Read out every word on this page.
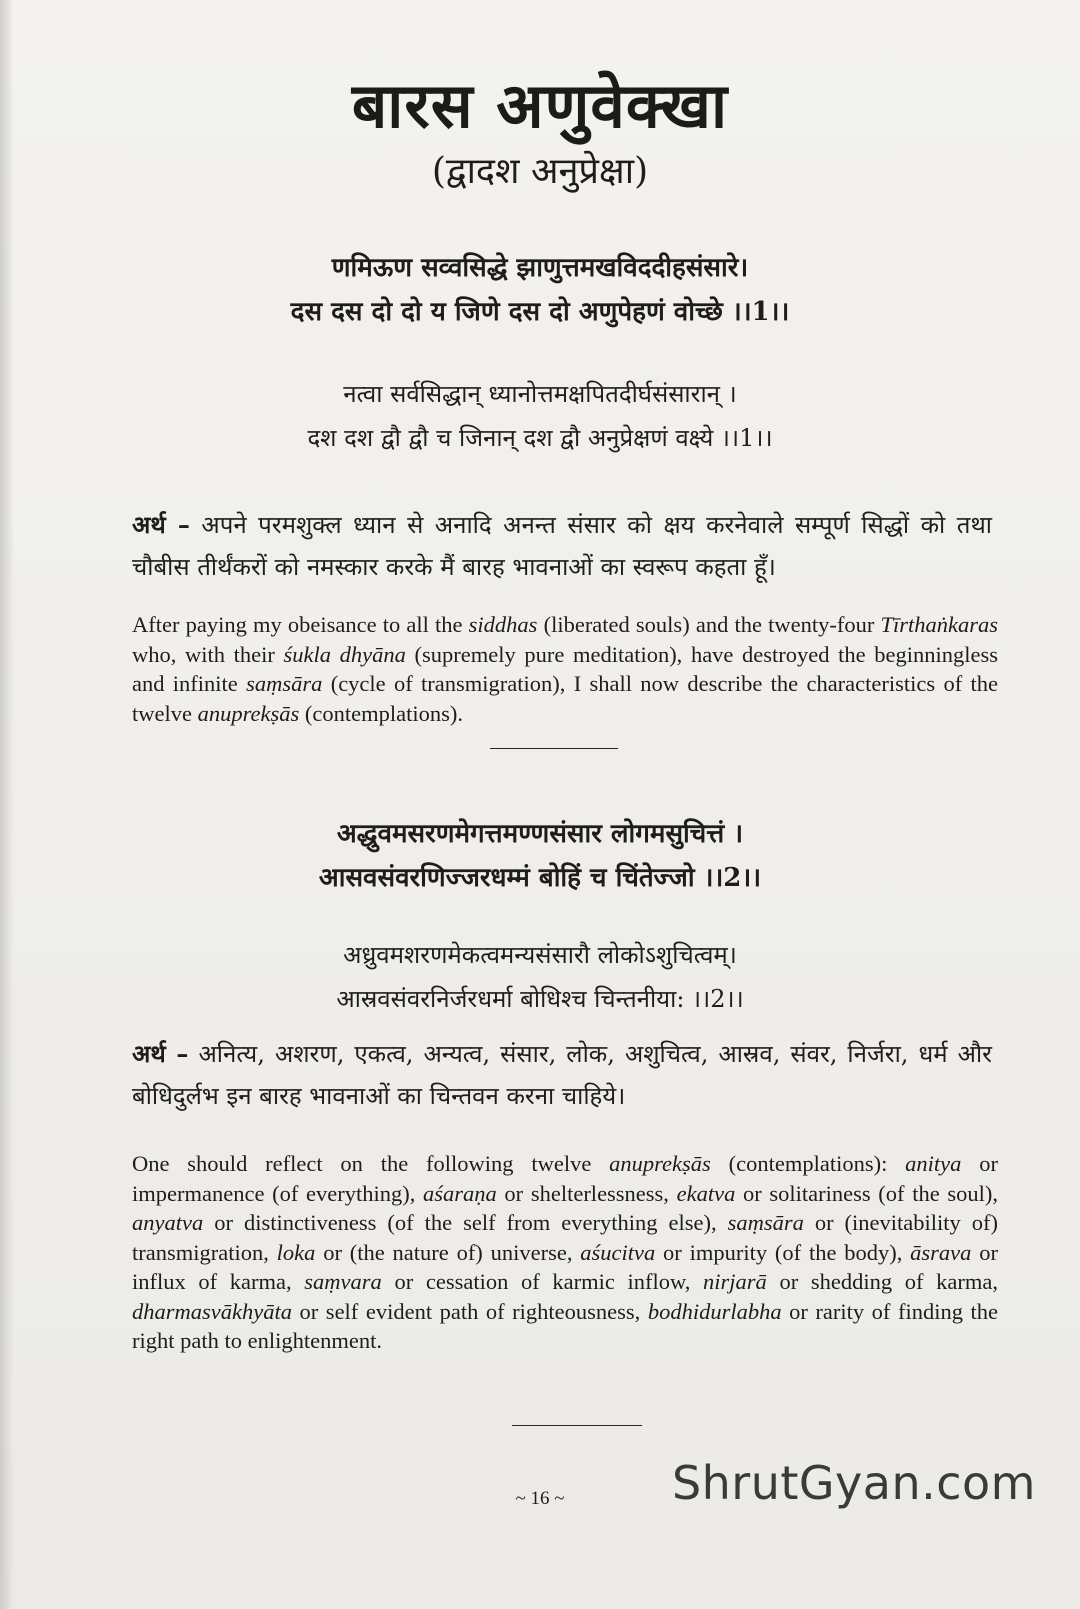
बारस अणुवेक्खा
(द्वादश अनुप्रेक्षा)
णमिऊण सव्वसिद्धे झाणुत्तमखविददीहसंसारे।
दस दस दो दो य जिणे दस दो अणुपेहणं वोच्छे ।।1।।
नत्वा सर्वसिद्धान् ध्यानोत्तमक्षपितदीर्घसंसारान् ।
दश दश द्वौ द्वौ च जिनान् दश द्वौ अनुप्रेक्षणं वक्ष्ये ।।1।।
अर्थ – अपने परमशुक्ल ध्यान से अनादि अनन्त संसार को क्षय करनेवाले सम्पूर्ण सिद्धों को तथा चौबीस तीर्थंकरों को नमस्कार करके मैं बारह भावनाओं का स्वरूप कहता हूँ।
After paying my obeisance to all the siddhas (liberated souls) and the twenty-four Tīrthaṅkaras who, with their śukla dhyāna (supremely pure meditation), have destroyed the beginningless and infinite saṃsāra (cycle of transmigration), I shall now describe the characteristics of the twelve anuprekṣās (contemplations).
अद्धुवमसरणमेगत्तमण्णसंसार लोगमसुचित्तं ।
आसवसंवरणिज्जरधम्मं बोहिं च चिंतेज्जो ।।2।।
अध्रुवमशरणमेकत्वमन्यसंसारौ लोकोऽशुचित्वम्।
आस्रवसंवरनिर्जरधर्मा बोधिश्च चिन्तनीया: ।।2।।
अर्थ – अनित्य, अशरण, एकत्व, अन्यत्व, संसार, लोक, अशुचित्व, आस्रव, संवर, निर्जरा, धर्म और बोधिदुर्लभ इन बारह भावनाओं का चिन्तवन करना चाहिये।
One should reflect on the following twelve anuprekṣās (contemplations): anitya or impermanence (of everything), aśaraṇa or shelterlessness, ekatva or solitariness (of the soul), anyatva or distinctiveness (of the self from everything else), saṃsāra or (inevitability of) transmigration, loka or (the nature of) universe, aśucitva or impurity (of the body), āsrava or influx of karma, saṃvara or cessation of karmic inflow, nirjarā or shedding of karma, dharmasvākhyāta or self evident path of righteousness, bodhidurlabha or rarity of finding the right path to enlightenment.
~ 16 ~	ShrutGyan.com
